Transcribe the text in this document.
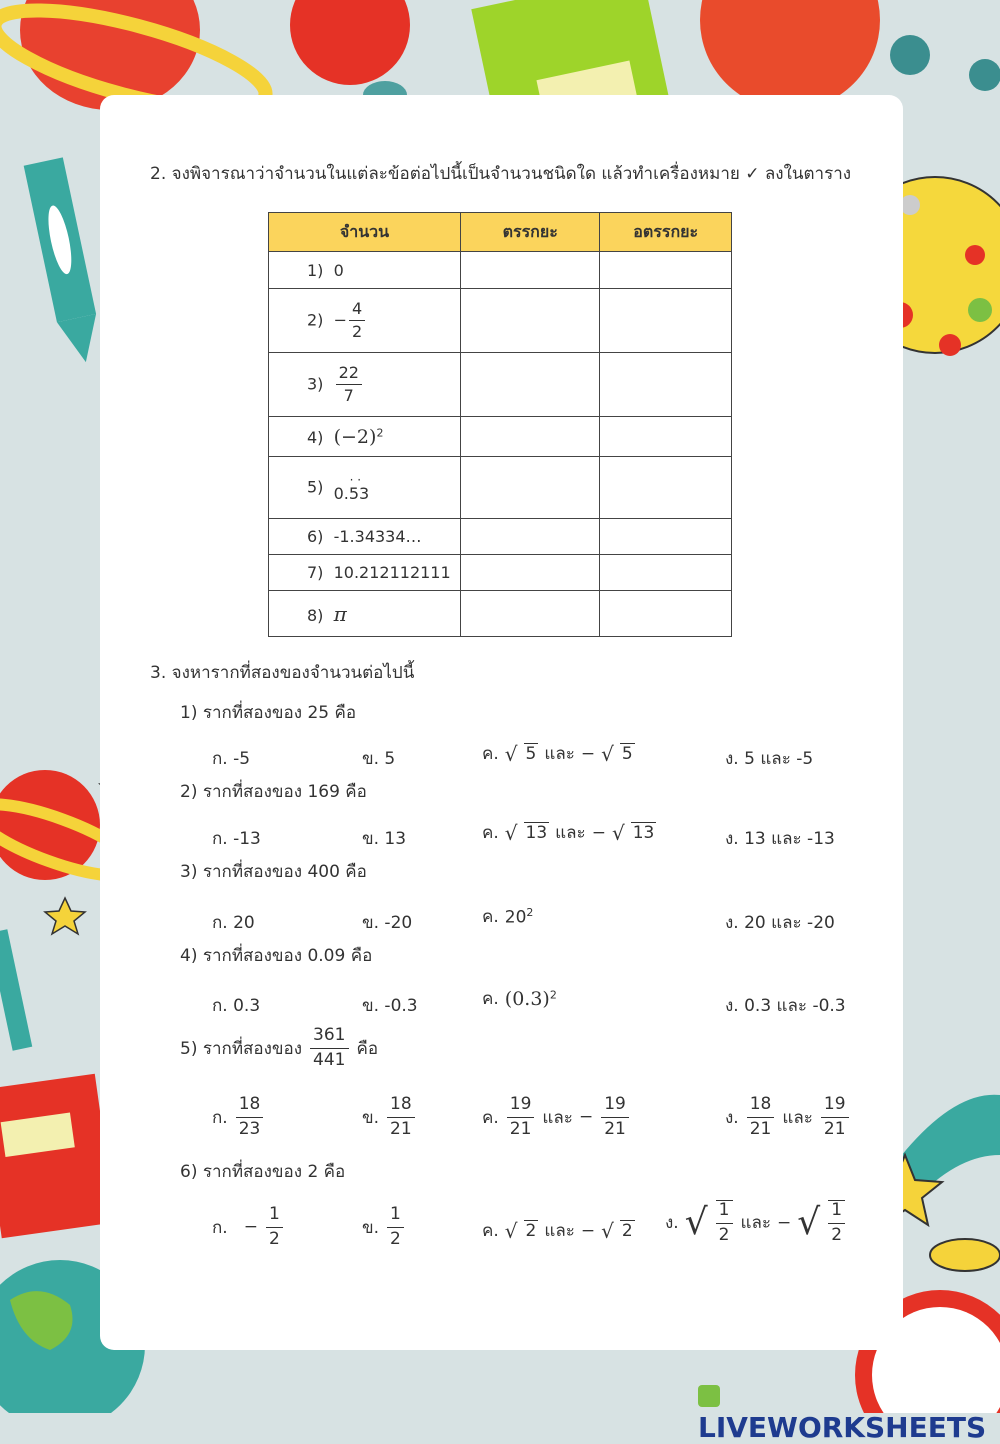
2. จงพิจารณาว่าจำนวนในแต่ละข้อต่อไปนี้เป็นจำนวนชนิดใด แล้วทำเครื่องหมาย ✓ ลงในตาราง
จำนวน	ตรรกยะ	อตรรกยะ
1) 0		
$2) - \frac{4}{2}$

$3) \frac{22}{7}$

4) $(-2)^2$		
5) · ·
0.53		

6) -1.34334…		
7) 10.212112111		
8) π		
3. จงหารากที่สองของจำนวนต่อไปนี้
1) รากที่สองของ 25 คือ
ก. -5	ข. 5	ค. √ 5 และ − √ 5	ง. 5 และ -5
2) รากที่สองของ 169 คือ
ก. -13	ข. 13	ค. √ 13 และ − √ 13	ง. 13 และ -13
3) รากที่สองของ 400 คือ
ก. 20	ข. -20	ค. $20^2$
ง. 20 และ -20
4) รากที่สองของ 0.09 คือ
ก. 0.3	ข. -0.3	ค. $(0.3)^2$
ง. 0.3 และ -0.3
5) รากที่สองของ $\frac{361}{441}$ คือ
ก. $\frac{18}{23}$	ข. $\frac{18}{21}$	ค. $\frac{19}{21}$ และ − $\frac{19}{21}$	ง. $\frac{18}{21}$ และ $\frac{19}{21}$
6) รากที่สองของ 2 คือ
ก. − $\frac{1}{2}$	ข. $\frac{1}{2}$	ค. √ 2 และ − √ 2 ง. √ $\frac{1}{2}$ และ − √ $\frac{1}{2}$
LIVEWORKSHEETS
